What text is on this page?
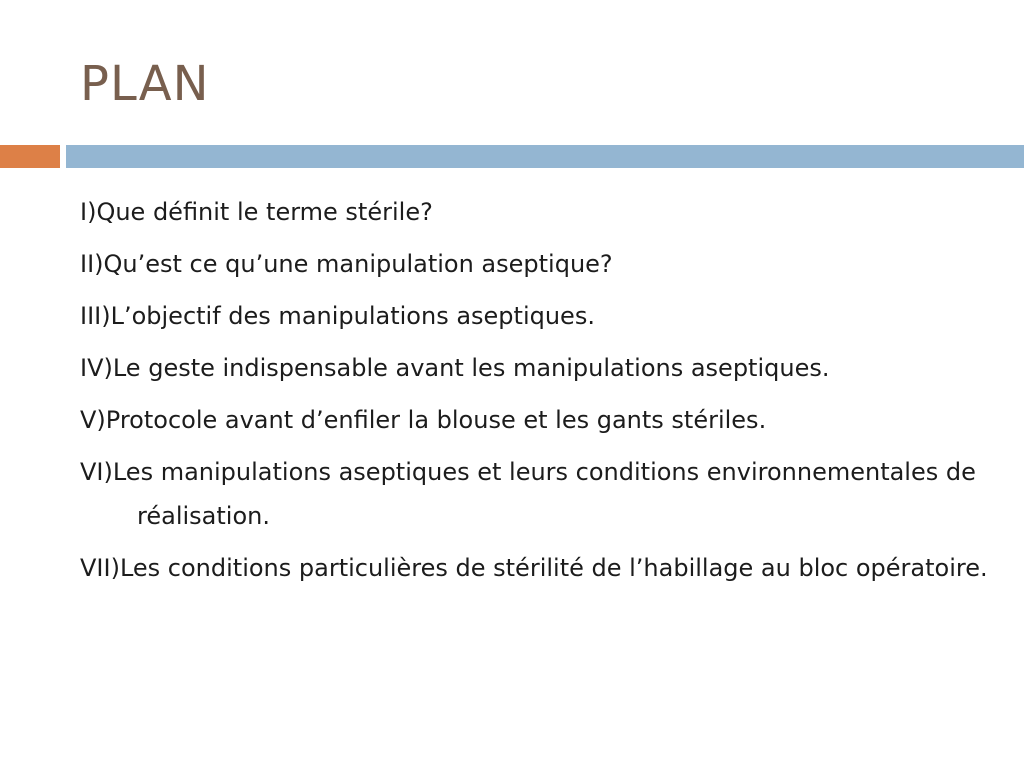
PLAN
I)Que définit le terme stérile?
II)Qu’est ce qu’une manipulation aseptique?
III)L’objectif des manipulations aseptiques.
IV)Le geste indispensable avant les manipulations aseptiques.
V)Protocole avant d’enfiler la blouse et les gants stériles.
VI)Les manipulations aseptiques et leurs conditions environnementales de réalisation.
VII)Les conditions particulières de stérilité de l’habillage au bloc opératoire.
